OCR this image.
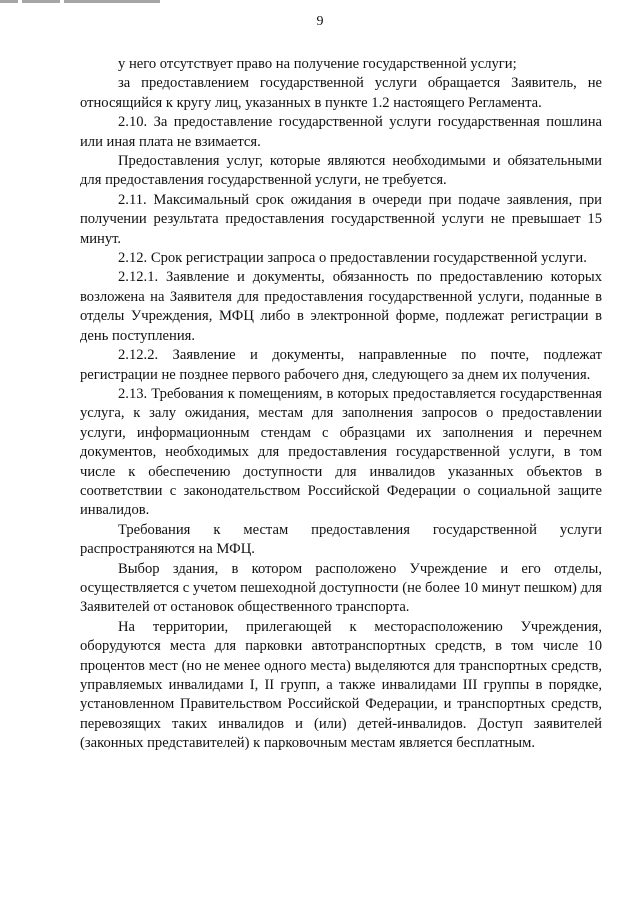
9

у него отсутствует право на получение государственной услуги;

за предоставлением государственной услуги обращается Заявитель, не относящийся к кругу лиц, указанных в пункте 1.2 настоящего Регламента.

2.10. За предоставление государственной услуги государственная пошлина или иная плата не взимается.

Предоставления услуг, которые являются необходимыми и обязательными для предоставления государственной услуги, не требуется.

2.11. Максимальный срок ожидания в очереди при подаче заявления, при получении результата предоставления государственной услуги не превышает 15 минут.

2.12. Срок регистрации запроса о предоставлении государственной услуги.

2.12.1. Заявление и документы, обязанность по предоставлению которых возложена на Заявителя для предоставления государственной услуги, поданные в отделы Учреждения, МФЦ либо в электронной форме, подлежат регистрации в день поступления.

2.12.2. Заявление и документы, направленные по почте, подлежат регистрации не позднее первого рабочего дня, следующего за днем их получения.

2.13. Требования к помещениям, в которых предоставляется государственная услуга, к залу ожидания, местам для заполнения запросов о предоставлении услуги, информационным стендам с образцами их заполнения и перечнем документов, необходимых для предоставления государственной услуги, в том числе к обеспечению доступности для инвалидов указанных объектов в соответствии с законодательством Российской Федерации о социальной защите инвалидов.

Требования к местам предоставления государственной услуги распространяются на МФЦ.

Выбор здания, в котором расположено Учреждение и его отделы, осуществляется с учетом пешеходной доступности (не более 10 минут пешком) для Заявителей от остановок общественного транспорта.

На территории, прилегающей к месторасположению Учреждения, оборудуются места для парковки автотранспортных средств, в том числе 10 процентов мест (но не менее одного места) выделяются для транспортных средств, управляемых инвалидами I, II групп, а также инвалидами III группы в порядке, установленном Правительством Российской Федерации, и транспортных средств, перевозящих таких инвалидов и (или) детей-инвалидов. Доступ заявителей (законных представителей) к парковочным местам является бесплатным.
